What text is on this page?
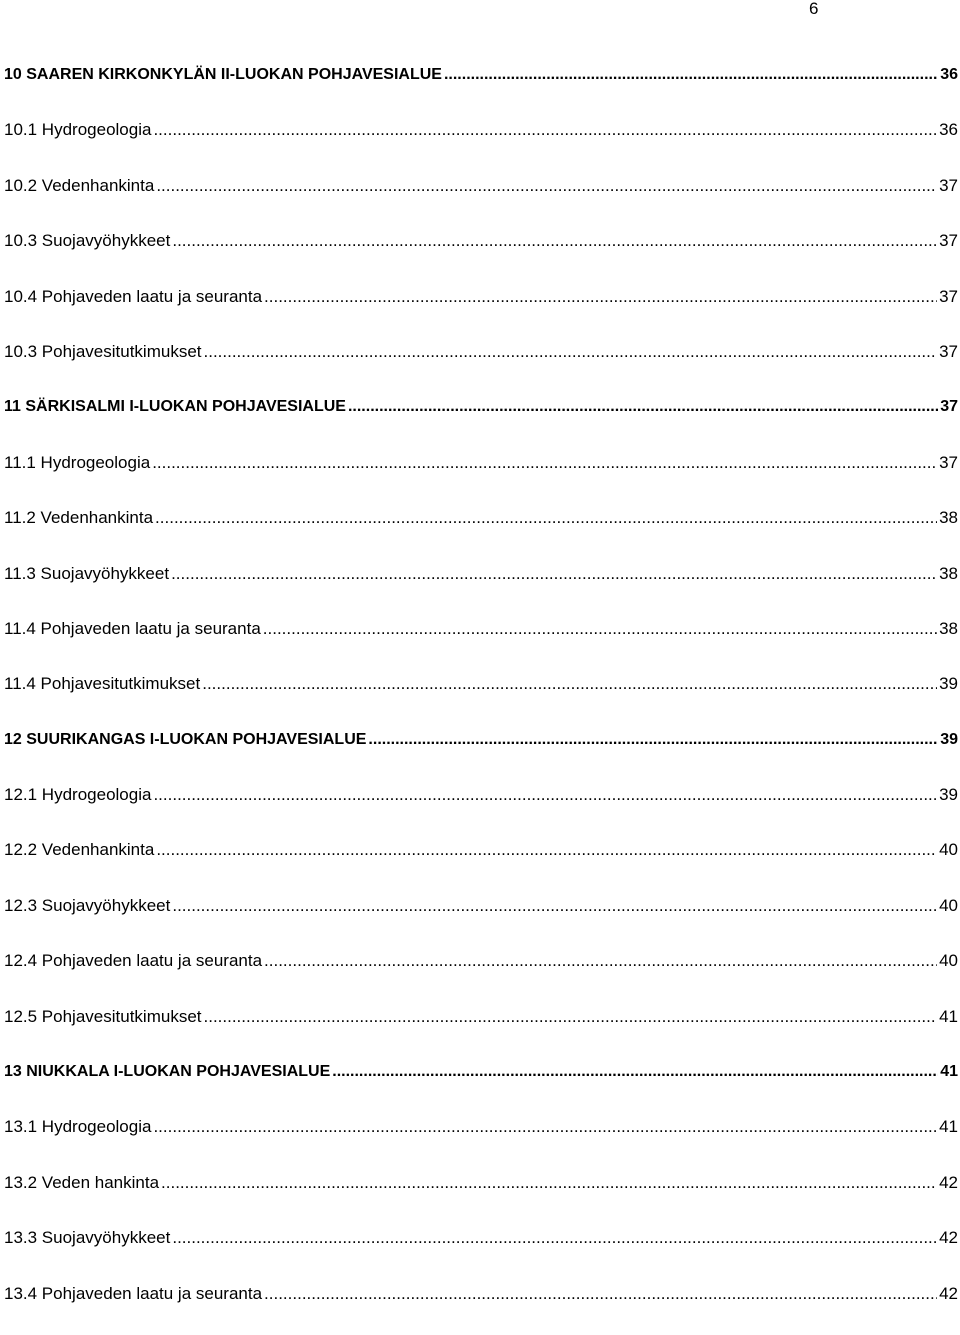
6
10 SAAREN KIRKONKYLÄN II-LUOKAN POHJAVESIALUE .....	36
10.1 Hydrogeologia .....	36
10.2 Vedenhankinta .....	37
10.3 Suojavyöhykkeet .....	37
10.4 Pohjaveden laatu ja seuranta .....	37
10.3 Pohjavesitutkimukset .....	37
11 SÄRKISALMI I-LUOKAN POHJAVESIALUE .....	37
11.1 Hydrogeologia .....	37
11.2 Vedenhankinta .....	38
11.3 Suojavyöhykkeet .....	38
11.4 Pohjaveden laatu ja seuranta .....	38
11.4 Pohjavesitutkimukset .....	39
12 SUURIKANGAS I-LUOKAN POHJAVESIALUE .....	39
12.1 Hydrogeologia .....	39
12.2 Vedenhankinta .....	40
12.3 Suojavyöhykkeet .....	40
12.4 Pohjaveden laatu ja seuranta .....	40
12.5 Pohjavesitutkimukset .....	41
13 NIUKKALA I-LUOKAN POHJAVESIALUE .....	41
13.1 Hydrogeologia .....	41
13.2 Veden hankinta .....	42
13.3 Suojavyöhykkeet .....	42
13.4 Pohjaveden laatu ja seuranta .....	42
